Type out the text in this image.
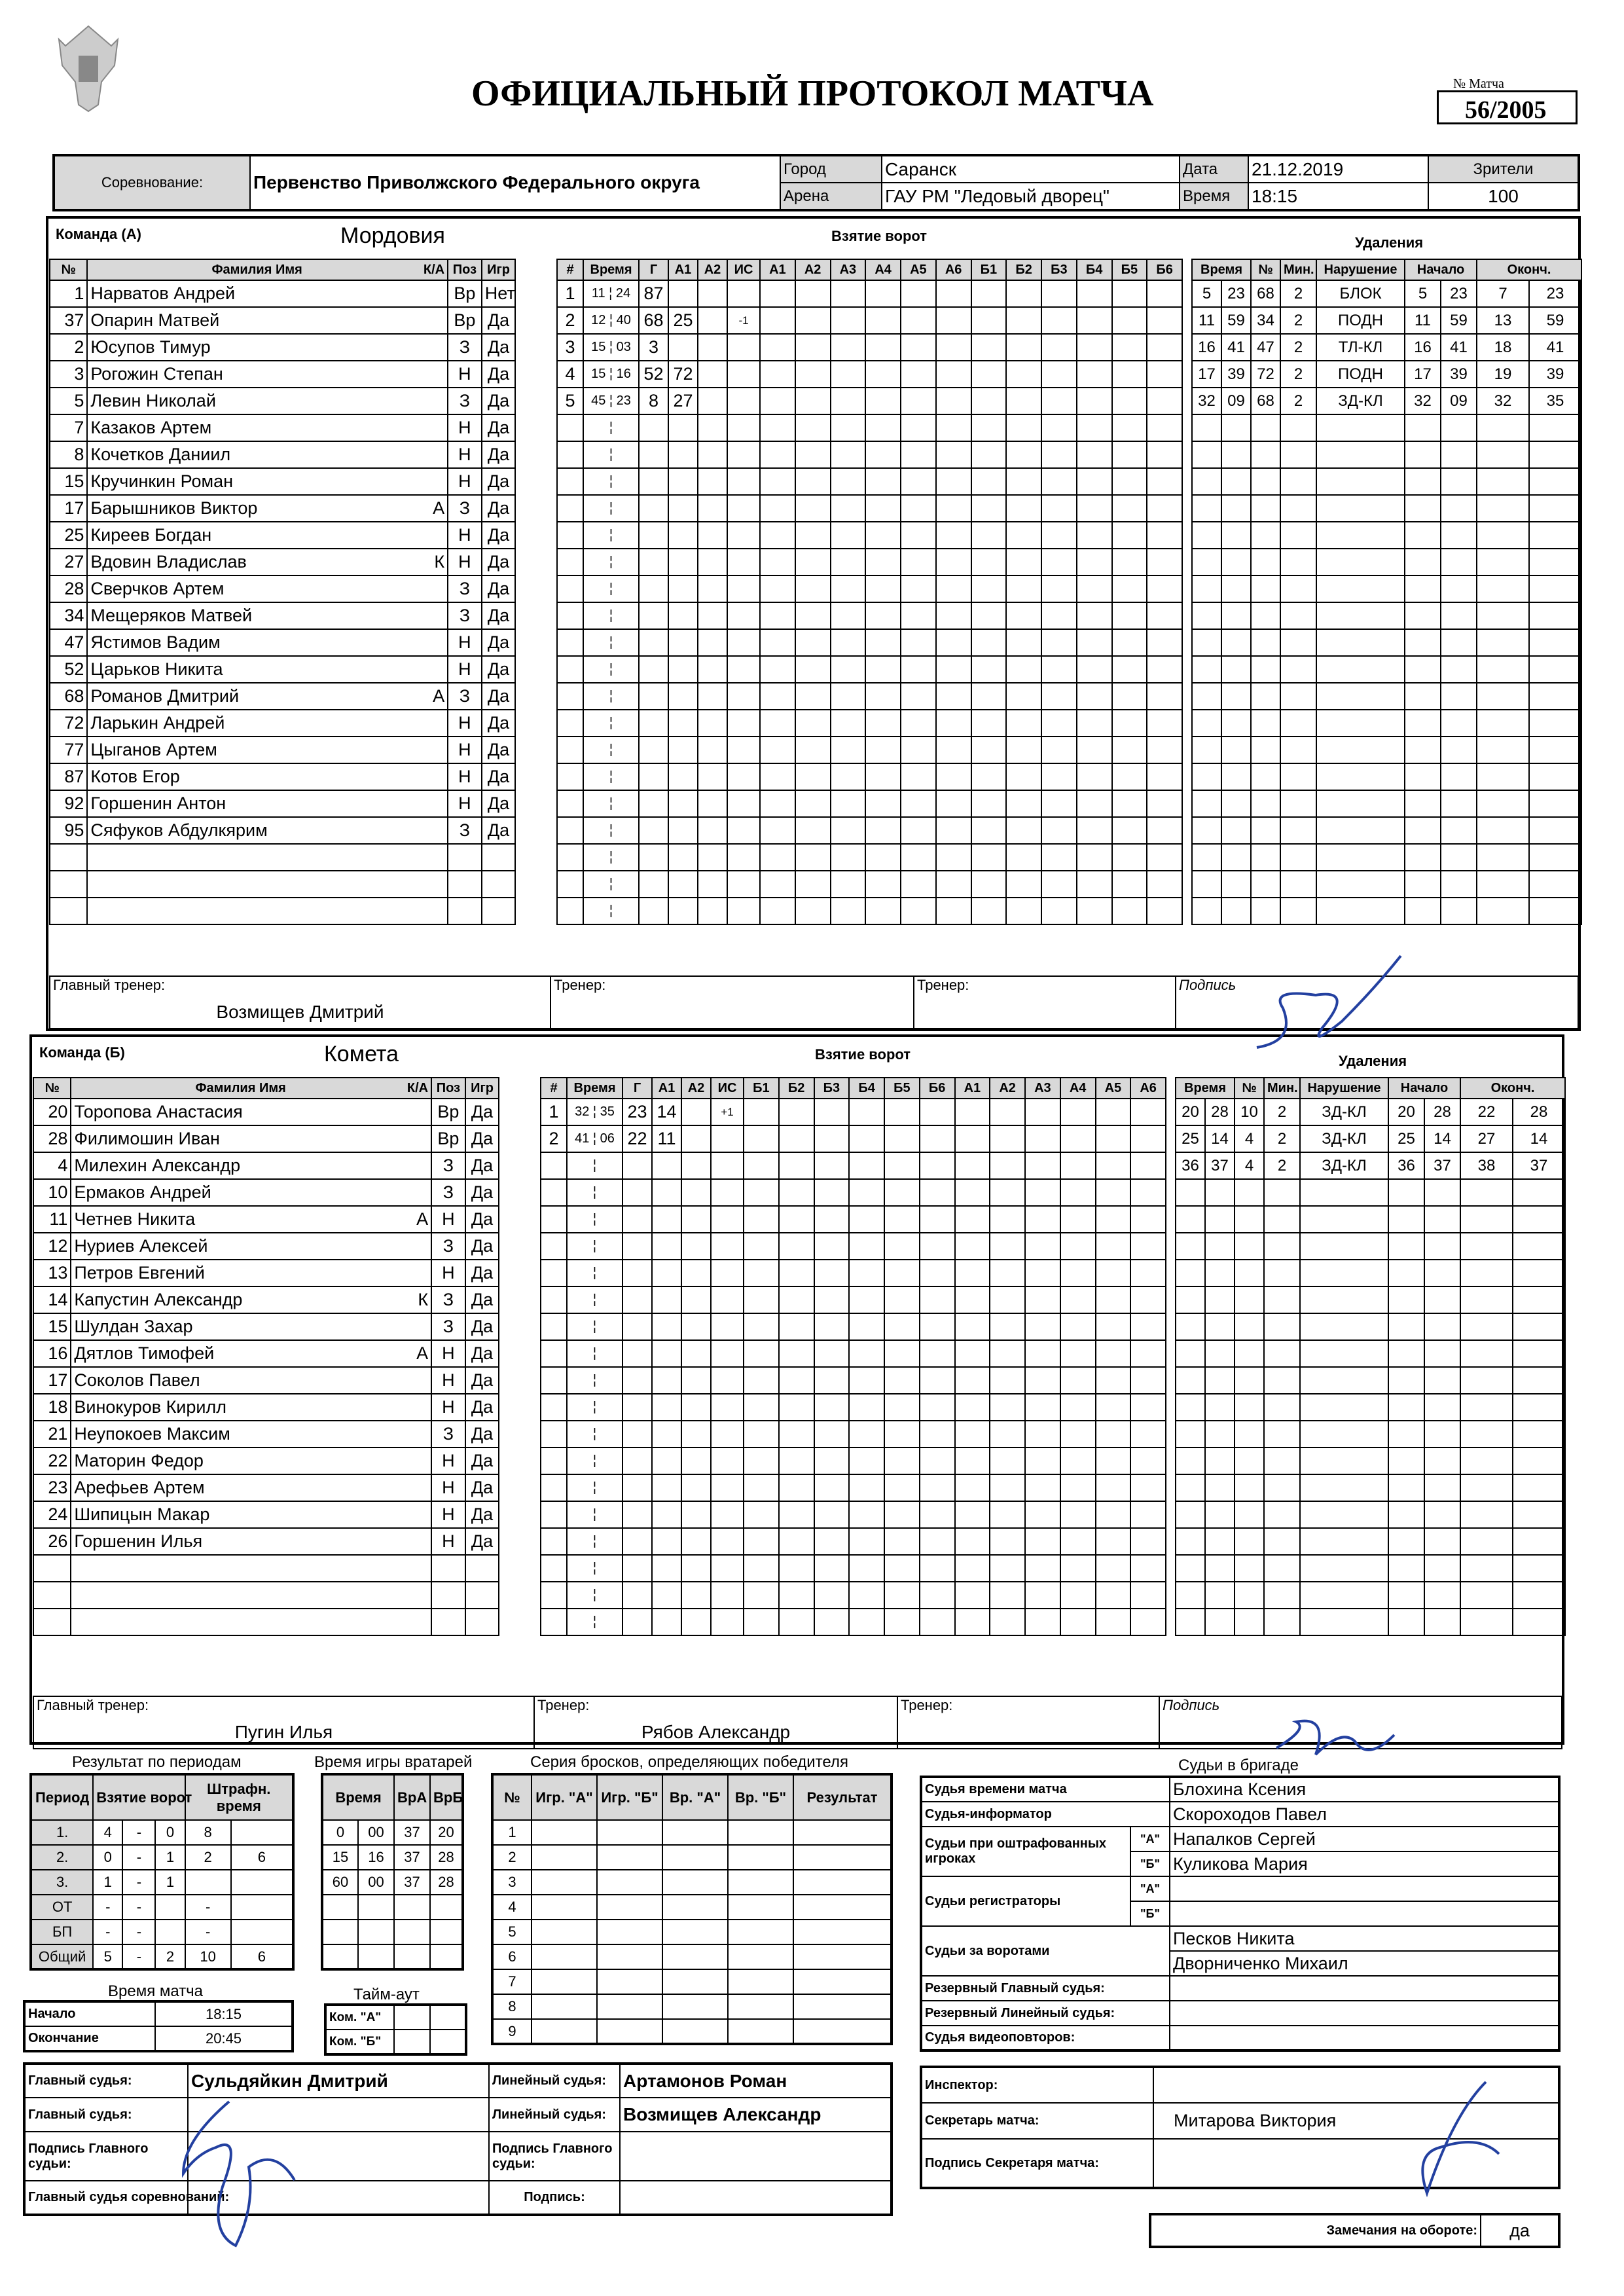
ОФИЦИАЛЬНЫЙ ПРОТОКОЛ МАТЧА	№ Матча
56/2005
Соревнование:	Первенство Приволжского Федерального округа	Город	Саранск	Дата	21.12.2019	Зрители
		Арена	ГАУ РМ "Ледовый дворец"	Время	18:15	100
Команда (А)	Мордовия
№	Фамилия Имя К/А	Поз	Игр
1	Нарватов Андрей	Вр	Нет
37	Опарин Матвей	Вр	Да
2	Юсупов Тимур	З	Да
3	Рогожин Степан	Н	Да
5	Левин Николай	З	Да
7	Казаков Артем	Н	Да
8	Кочетков Даниил	Н	Да
15	Кручинкин Роман	Н	Да
17	Барышников Виктор А	З	Да
25	Киреев Богдан	Н	Да
27	Вдовин Владислав К	Н	Да
28	Сверчков Артем	З	Да
34	Мещеряков Матвей	З	Да
47	Ястимов Вадим	Н	Да
52	Царьков Никита	Н	Да
68	Романов Дмитрий А	З	Да
72	Ларькин Андрей	Н	Да
77	Цыганов Артем	Н	Да
87	Котов Егор	Н	Да
92	Горшенин Антон	Н	Да
95	Сяфуков Абдулкярим	З	Да

Взятие ворот
#	Время	Г	А1	А2	ИС	А1	А2	А3	А4	А5	А6	Б1	Б2	Б3	Б4	Б5	Б6
1	11 ¦ 24	87															
2	12 ¦ 40	68	25		-1												
3	15 ¦ 03	3															
4	15 ¦ 16	52	72														
5	45 ¦ 23	8	27														
	¦																
	¦																
	¦																
	¦																
	¦																
	¦																
	¦																
	¦																
	¦																
	¦																
	¦																
	¦																
	¦																
	¦																
	¦																
	¦																
	¦																
	¦																
	¦																
Удаления
Время		№	Мин.	Нарушение	Начало		Оконч.	
5	23	68	2	БЛОК	5	23	7	23
11	59	34	2	ПОДН	11	59	13	59
16	41	47	2	ТЛ-КЛ	16	41	18	41
17	39	72	2	ПОДН	17	39	19	39
32	09	68	2	ЗД-КЛ	32	09	32	35

Главный тренер:
Возмищев Дмитрий

Тренер:	Тренер:	Подпись
Команда (Б)	Комета
№	Фамилия Имя К/А	Поз	Игр
20	Торопова Анастасия	Вр	Да
28	Филимошин Иван	Вр	Да
4	Милехин Александр	З	Да
10	Ермаков Андрей	З	Да
11	Четнев Никита А	Н	Да
12	Нуриев Алексей	З	Да
13	Петров Евгений	Н	Да
14	Капустин Александр К	З	Да
15	Шулдан Захар	З	Да
16	Дятлов Тимофей А	Н	Да
17	Соколов Павел	Н	Да
18	Винокуров Кирилл	Н	Да
21	Неупокоев Максим	З	Да
22	Маторин Федор	Н	Да
23	Арефьев Артем	Н	Да
24	Шипицын Макар	Н	Да
26	Горшенин Илья	Н	Да

Взятие ворот
#	Время	Г	А1	А2	ИС	Б1	Б2	Б3	Б4	Б5	Б6	А1	А2	А3	А4	А5	А6
1	32 ¦ 35	23	14		+1												
2	41 ¦ 06	22	11														
	¦																
	¦																
	¦																
	¦																
	¦																
	¦																
	¦																
	¦																
	¦																
	¦																
	¦																
	¦																
	¦																
	¦																
	¦																
	¦																
	¦																
	¦																
Удаления
Время		№	Мин.	Нарушение	Начало		Оконч.	
20	28	10	2	ЗД-КЛ	20	28	22	28
25	14	4	2	ЗД-КЛ	25	14	27	14
36	37	4	2	ЗД-КЛ	36	37	38	37

Главный тренер:
Пугин Илья

Тренер:
Рябов Александр

Тренер:	Подпись
Результат по периодам
Период	Взятие ворот			Штрафн. время	
1.	4	-	0	8	
2.	0	-	1	2	6
3.	1	-	1		
ОТ	-	-		-	
БП	-	-		-	
Общий	5	-	2	10	6
Время игры вратарей
Время		ВрА	ВрБ
0	00	37	20
15	16	37	28
60	00	37	28

Серия бросков, определяющих победителя
№	Игр. "А"	Игр. "Б"	Вр. "А"	Вр. "Б"	Результат
1					
2					
3					
4					
5					
6					
7					
8					
9					
Время матча
Начало	18:15
Окончание	20:45
Тайм-аут
Ком. "А"		
Ком. "Б"		
Судьи в бригаде
Судья времени матча		Блохина Ксения
Судья-информатор		Скороходов Павел
Судьи при оштрафованных игроках	"А"	Напалков Сергей
	"Б"	Куликова Мария
Судьи регистраторы	"А"	
	"Б"	
Судьи за воротами		Песков Никита
		Дворниченко Михаил
Резервный Главный судья:		
Резервный Линейный судья:		
Судья видеоповторов:		
Главный судья:	Сульдяйкин Дмитрий	Линейный судья:	Артамонов Роман
Главный судья:		Линейный судья:	Возмищев Александр
Подпись Главного судьи:		Подпись Главного судьи:	
Главный судья соревнований:		Подпись:	
Инспектор:	
Секретарь матча:	Митарова Виктория
Подпись Секретаря матча:	
Замечания на обороте:	да
